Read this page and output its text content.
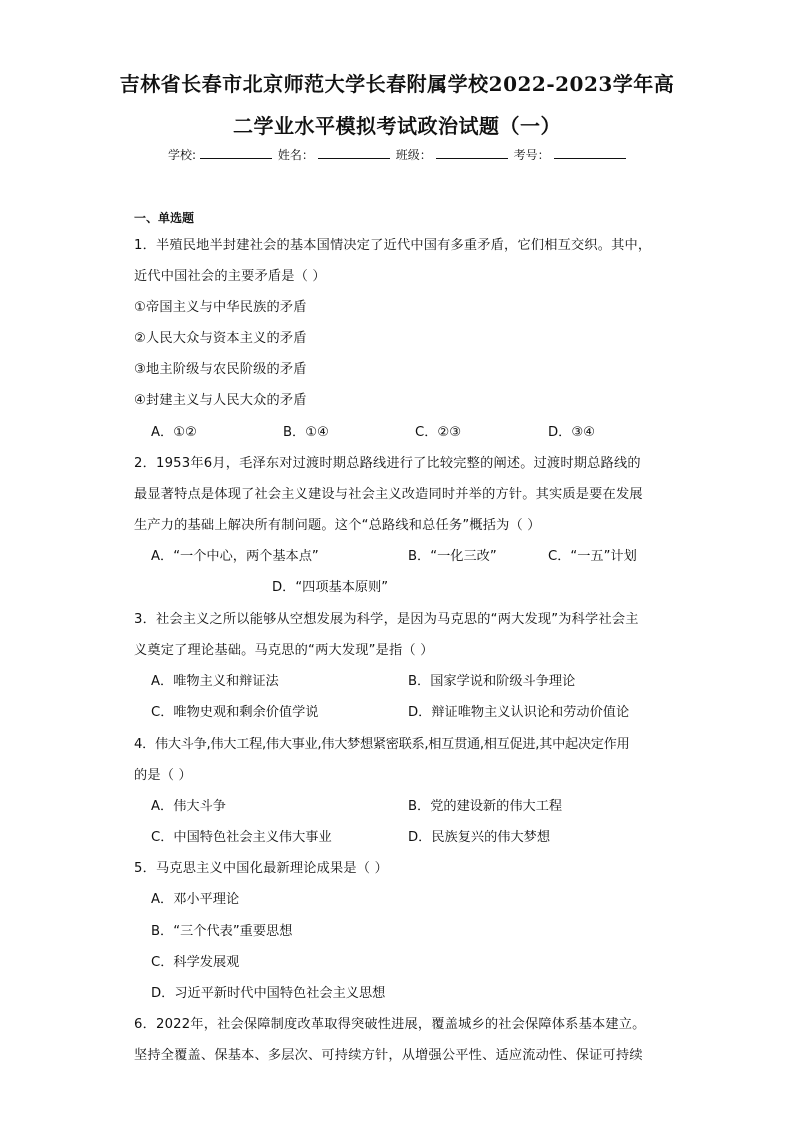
吉林省长春市北京师范大学长春附属学校2022-2023学年高
二学业水平模拟考试政治试题（一）
学校:	姓名：	班级：	考号：
一、单选题
1．半殖民地半封建社会的基本国情决定了近代中国有多重矛盾，它们相互交织。其中，
近代中国社会的主要矛盾是（ ）
①帝国主义与中华民族的矛盾
②人民大众与资本主义的矛盾
③地主阶级与农民阶级的矛盾
④封建主义与人民大众的矛盾
A．①②	B．①④	C．②③	D．③④
2．1953年6月，毛泽东对过渡时期总路线进行了比较完整的阐述。过渡时期总路线的
最显著特点是体现了社会主义建设与社会主义改造同时并举的方针。其实质是要在发展
生产力的基础上解决所有制问题。这个“总路线和总任务”概括为（ ）
A．“一个中心，两个基本点”	B．“一化三改”	C．“一五”计划
D．“四项基本原则”
3．社会主义之所以能够从空想发展为科学，是因为马克思的“两大发现”为科学社会主
义奠定了理论基础。马克思的“两大发现”是指（ ）
A．唯物主义和辩证法	B．国家学说和阶级斗争理论
C．唯物史观和剩余价值学说	D．辩证唯物主义认识论和劳动价值论
4．伟大斗争,伟大工程,伟大事业,伟大梦想紧密联系,相互贯通,相互促进,其中起决定作用
的是（ ）
A．伟大斗争	B．党的建设新的伟大工程
C．中国特色社会主义伟大事业	D．民族复兴的伟大梦想
5．马克思主义中国化最新理论成果是（ ）
A．邓小平理论
B．“三个代表”重要思想
C．科学发展观
D．习近平新时代中国特色社会主义思想
6．2022年，社会保障制度改革取得突破性进展，覆盖城乡的社会保障体系基本建立。
坚持全覆盖、保基本、多层次、可持续方针，从增强公平性、适应流动性、保证可持续
